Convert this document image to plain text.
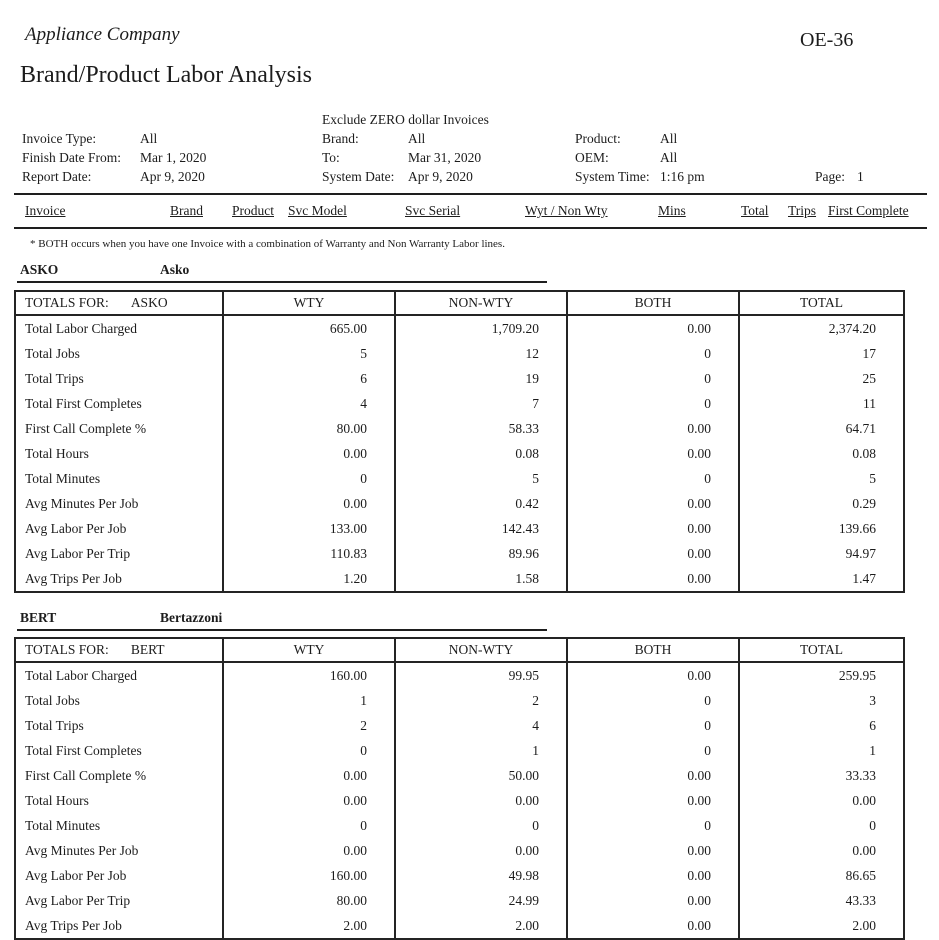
Appliance Company	OE-36
Brand/Product Labor Analysis
Exclude ZERO dollar Invoices
Invoice Type:	All	Brand:	All	Product:	All
Finish Date From: Mar 1, 2020	To:	Mar 31, 2020	OEM:	All
Report Date:	Apr 9, 2020	System Date: Apr 9, 2020	System Time: 1:16 pm	Page: 1
Invoice	Brand Product Svc Model	Svc Serial	Wyt / Non Wty	Mins	Total Trips First Complete
* BOTH occurs when you have one Invoice with a combination of Warranty and Non Warranty Labor lines.
ASKO	Asko
TOTALS FOR: ASKO	WTY	NON-WTY	BOTH	TOTAL
Total Labor Charged	665.00	1,709.20	0.00	2,374.20
Total Jobs	5	12	0	17
Total Trips	6	19	0	25
Total First Completes	4	7	0	11
First Call Complete %	80.00	58.33	0.00	64.71
Total Hours	0.00	0.08	0.00	0.08
Total Minutes	0	5	0	5
Avg Minutes Per Job	0.00	0.42	0.00	0.29
Avg Labor Per Job	133.00	142.43	0.00	139.66
Avg Labor Per Trip	110.83	89.96	0.00	94.97
Avg Trips Per Job	1.20	1.58	0.00	1.47
BERT	Bertazzoni
TOTALS FOR: BERT	WTY	NON-WTY	BOTH	TOTAL
Total Labor Charged	160.00	99.95	0.00	259.95
Total Jobs	1	2	0	3
Total Trips	2	4	0	6
Total First Completes	0	1	0	1
First Call Complete %	0.00	50.00	0.00	33.33
Total Hours	0.00	0.00	0.00	0.00
Total Minutes	0	0	0	0
Avg Minutes Per Job	0.00	0.00	0.00	0.00
Avg Labor Per Job	160.00	49.98	0.00	86.65
Avg Labor Per Trip	80.00	24.99	0.00	43.33
Avg Trips Per Job	2.00	2.00	0.00	2.00
